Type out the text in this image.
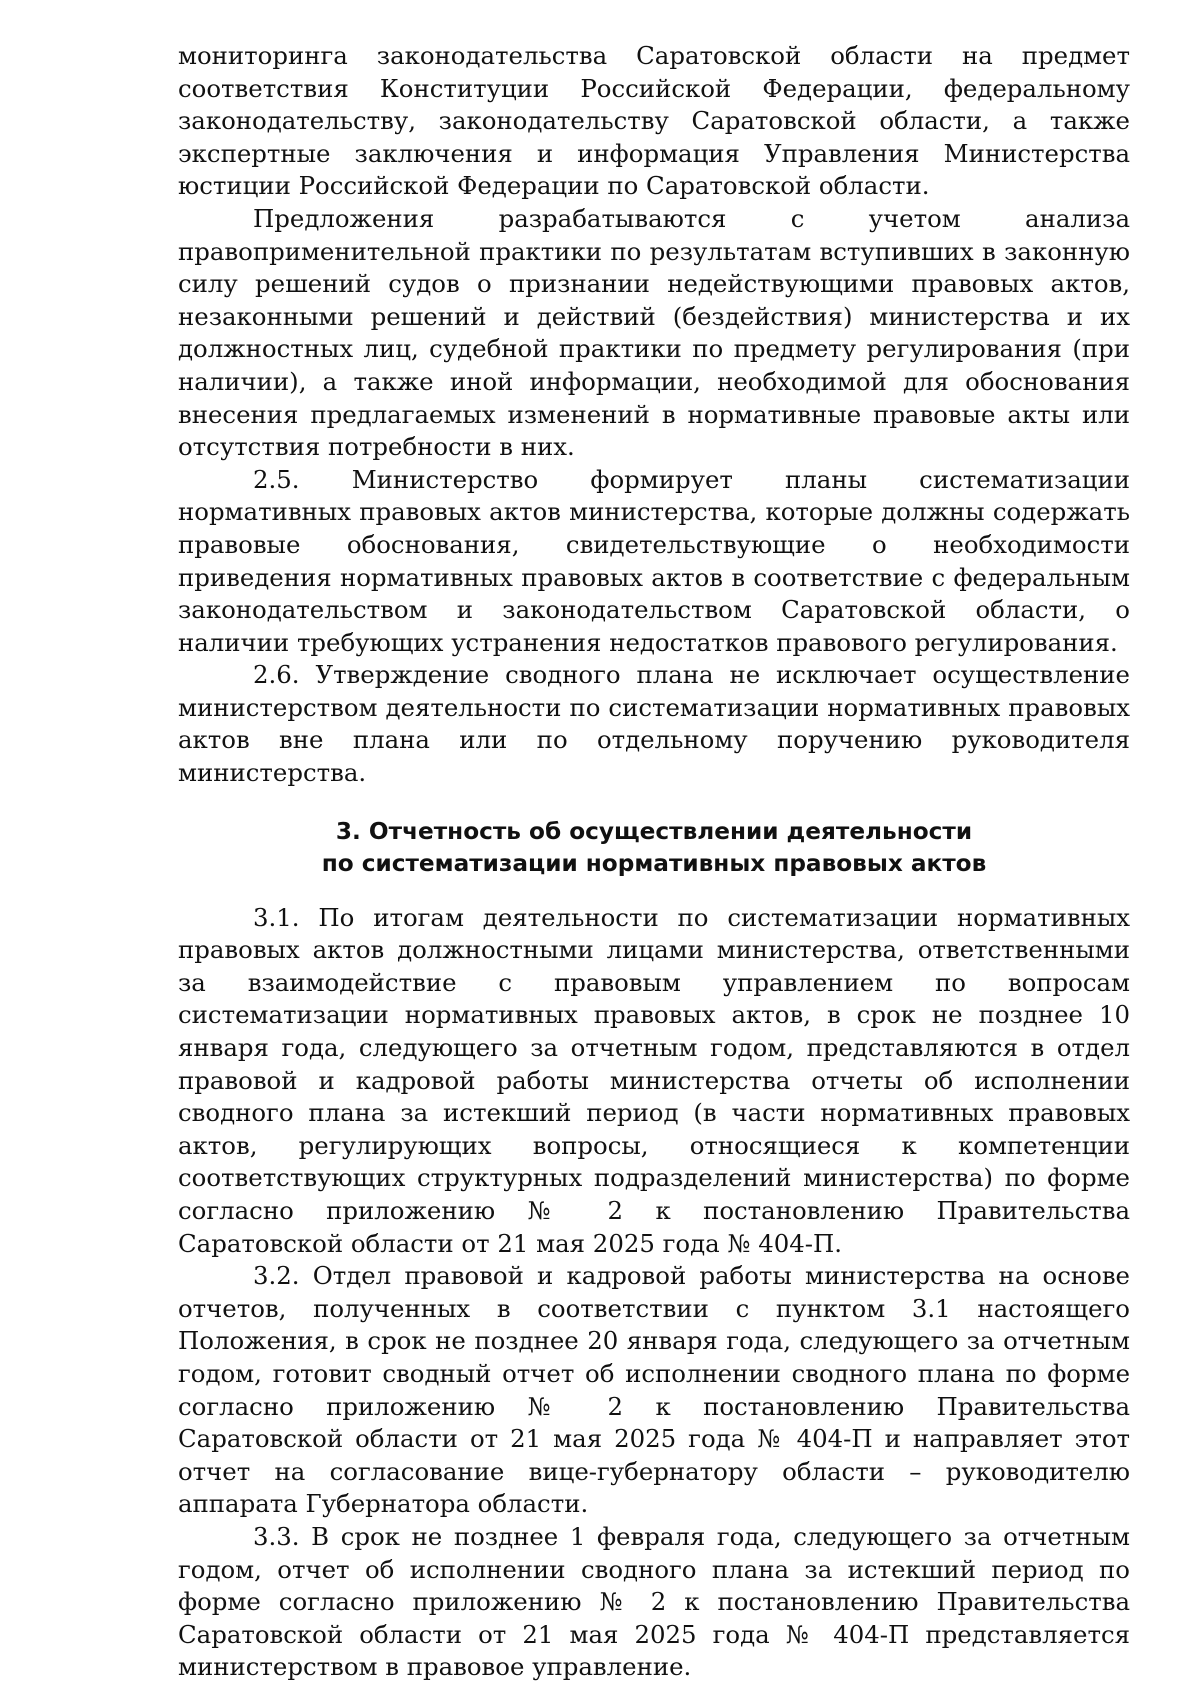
мониторинга законодательства Саратовской области на предмет соответствия Конституции Российской Федерации, федеральному законодательству, законодательству Саратовской области, а также экспертные заключения и информация Управления Министерства юстиции Российской Федерации по Саратовской области.

Предложения разрабатываются с учетом анализа правоприменительной практики по результатам вступивших в законную силу решений судов о признании недействующими правовых актов, незаконными решений и действий (бездействия) министерства и их должностных лиц, судебной практики по предмету регулирования (при наличии), а также иной информации, необходимой для обоснования внесения предлагаемых изменений в нормативные правовые акты или отсутствия потребности в них.

2.5. Министерство формирует планы систематизации нормативных правовых актов министерства, которые должны содержать правовые обоснования, свидетельствующие о необходимости приведения нормативных правовых актов в соответствие с федеральным законодательством и законодательством Саратовской области, о наличии требующих устранения недостатков правового регулирования.

2.6. Утверждение сводного плана не исключает осуществление министерством деятельности по систематизации нормативных правовых актов вне плана или по отдельному поручению руководителя министерства.

3. Отчетность об осуществлении деятельности
по систематизации нормативных правовых актов

3.1. По итогам деятельности по систематизации нормативных правовых актов должностными лицами министерства, ответственными за взаимодействие с правовым управлением по вопросам систематизации нормативных правовых актов, в срок не позднее 10 января года, следующего за отчетным годом, представляются в отдел правовой и кадровой работы министерства отчеты об исполнении сводного плана за истекший период (в части нормативных правовых актов, регулирующих вопросы, относящиеся к компетенции соответствующих структурных подразделений министерства) по форме согласно приложению № 2 к постановлению Правительства Саратовской области от 21 мая 2025 года № 404-П.

3.2. Отдел правовой и кадровой работы министерства на основе отчетов, полученных в соответствии с пунктом 3.1 настоящего Положения, в срок не позднее 20 января года, следующего за отчетным годом, готовит сводный отчет об исполнении сводного плана по форме согласно приложению № 2 к постановлению Правительства Саратовской области от 21 мая 2025 года № 404-П и направляет этот отчет на согласование вице-губернатору области – руководителю аппарата Губернатора области.

3.3. В срок не позднее 1 февраля года, следующего за отчетным годом, отчет об исполнении сводного плана за истекший период по форме согласно приложению № 2 к постановлению Правительства Саратовской области от 21 мая 2025 года № 404-П представляется министерством в правовое управление.
